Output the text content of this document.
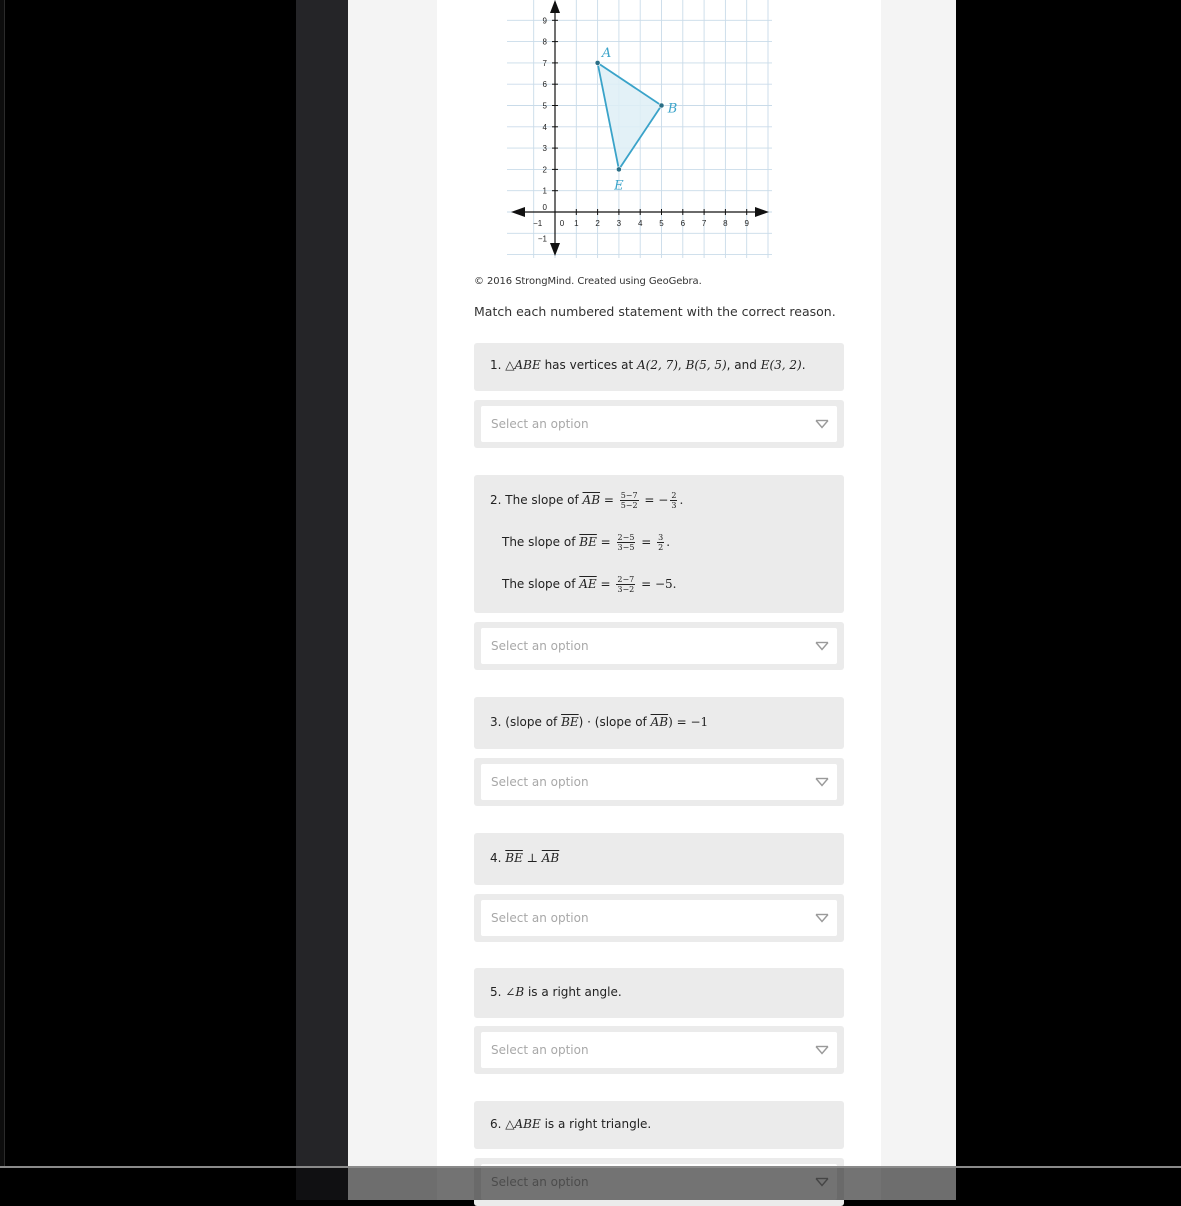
9
8
7
6
5
4
3
2
1
0
−1
−1 0 1 2 3 4 5 6 7 8 9
A
B
E
© 2016 StrongMind. Created using GeoGebra.
Match each numbered statement with the correct reason.
1. △ABE has vertices at A(2, 7), B(5, 5), and E(3, 2).
Select an option
2. The slope of $\overline{AB} = \frac{5-7}{5-2}$ = − $\frac{2}{3}$ .
The slope of $\overline{BE} = \frac{2-5}{3-5} = \frac{3}{2}$ .
The slope of $\overline{AE} = \frac{2-7}{3-2} = -5$.
Select an option
3. (slope of $\overline{BE}$) · (slope of $\overline{AB}) = -1$
Select an option
4. $\overline{BE}$ ⊥ $\overline{AB}$
Select an option
5. ∠B is a right angle.
Select an option
6. △ABE is a right triangle.
